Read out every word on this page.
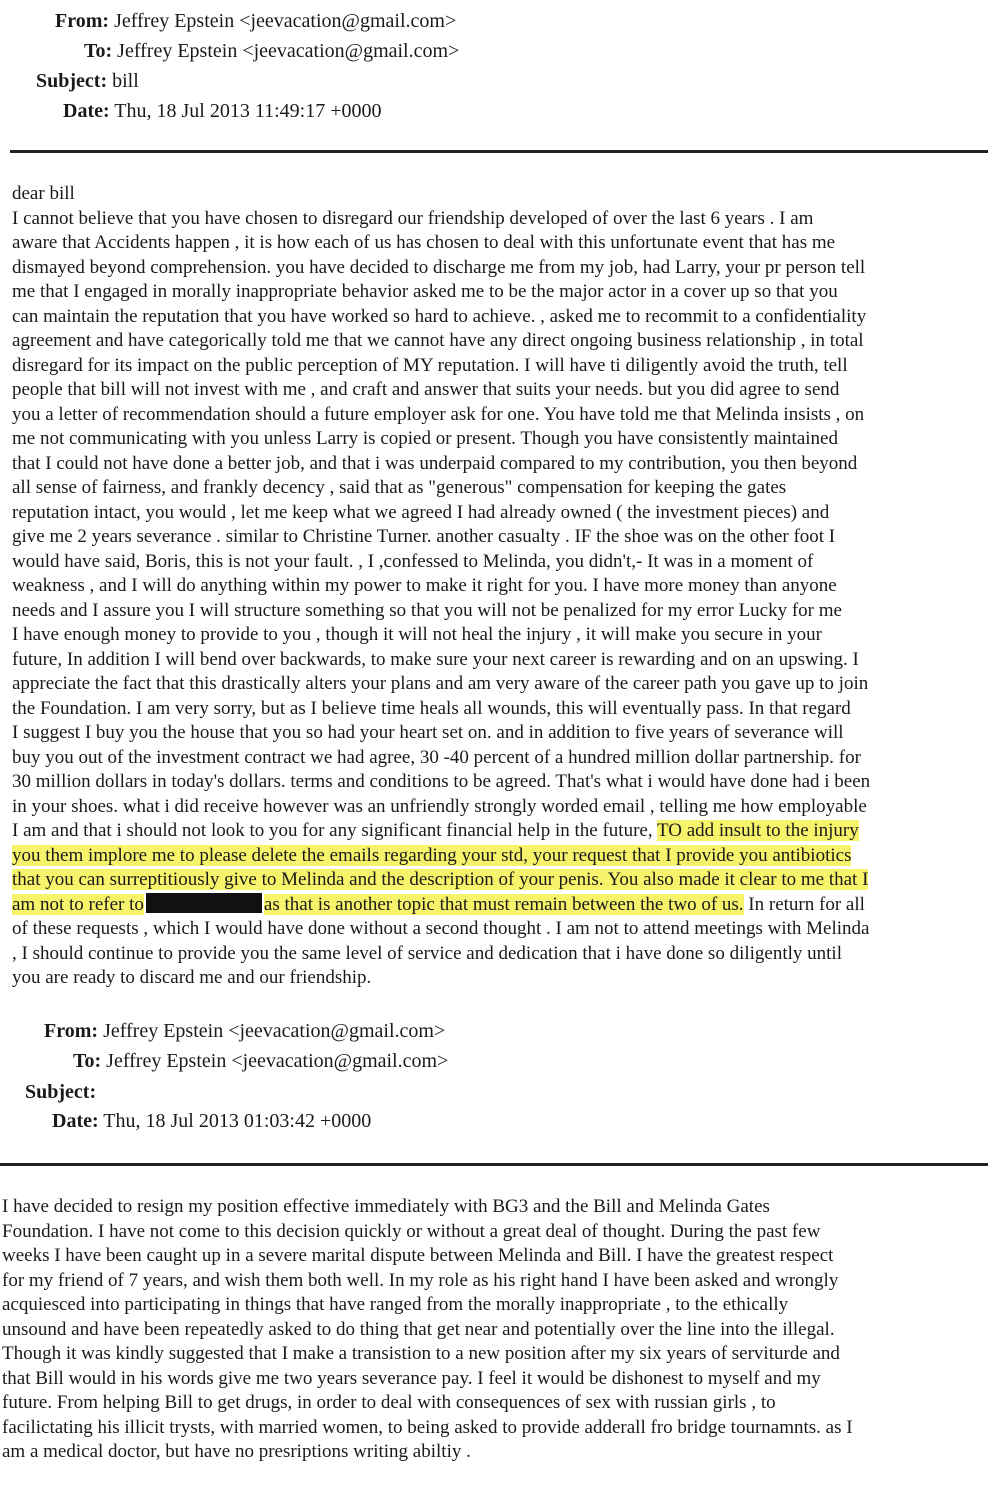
From: Jeffrey Epstein <jeevacation@gmail.com>
To: Jeffrey Epstein <jeevacation@gmail.com>
Subject: bill
Date: Thu, 18 Jul 2013 11:49:17 +0000
dear bill
I cannot believe that you have chosen to disregard our friendship developed of over the last 6 years . I am
aware that Accidents happen , it is how each of us has chosen to deal with this unfortunate event that has me
dismayed beyond comprehension. you have decided to discharge me from my job, had Larry, your pr person tell
me that I engaged in morally inappropriate behavior asked me to be the major actor in a cover up so that you
can maintain the reputation that you have worked so hard to achieve. , asked me to recommit to a confidentiality
agreement and have categorically told me that we cannot have any direct ongoing business relationship , in total
disregard for its impact on the public perception of MY reputation. I will have ti diligently avoid the truth, tell
people that bill will not invest with me , and craft and answer that suits your needs. but you did agree to send
you a letter of recommendation should a future employer ask for one. You have told me that Melinda insists , on
me not communicating with you unless Larry is copied or present. Though you have consistently maintained
that I could not have done a better job, and that i was underpaid compared to my contribution, you then beyond
all sense of fairness, and frankly decency , said that as "generous" compensation for keeping the gates
reputation intact, you would , let me keep what we agreed I had already owned ( the investment pieces) and
give me 2 years severance . similar to Christine Turner. another casualty . IF the shoe was on the other foot I
would have said, Boris, this is not your fault. , I ,confessed to Melinda, you didn't,- It was in a moment of
weakness , and I will do anything within my power to make it right for you. I have more money than anyone
needs and I assure you I will structure something so that you will not be penalized for my error Lucky for me
I have enough money to provide to you , though it will not heal the injury , it will make you secure in your
future, In addition I will bend over backwards, to make sure your next career is rewarding and on an upswing. I
appreciate the fact that this drastically alters your plans and am very aware of the career path you gave up to join
the Foundation. I am very sorry, but as I believe time heals all wounds, this will eventually pass. In that regard
I suggest I buy you the house that you so had your heart set on. and in addition to five years of severance will
buy you out of the investment contract we had agree, 30 -40 percent of a hundred million dollar partnership. for
30 million dollars in today's dollars. terms and conditions to be agreed. That's what i would have done had i been
in your shoes. what i did receive however was an unfriendly strongly worded email , telling me how employable
I am and that i should not look to you for any significant financial help in the future, TO add insult to the injury
you them implore me to please delete the emails regarding your std, your request that I provide you antibiotics
that you can surreptitiously give to Melinda and the description of your penis. You also made it clear to me that I
am not to refer to	as that is another topic that must remain between the two of us. In return for all
of these requests , which I would have done without a second thought . I am not to attend meetings with Melinda
, I should continue to provide you the same level of service and dedication that i have done so diligently until
you are ready to discard me and our friendship.
From: Jeffrey Epstein <jeevacation@gmail.com>
To: Jeffrey Epstein <jeevacation@gmail.com>
Subject:
Date: Thu, 18 Jul 2013 01:03:42 +0000
I have decided to resign my position effective immediately with BG3 and the Bill and Melinda Gates
Foundation. I have not come to this decision quickly or without a great deal of thought. During the past few
weeks I have been caught up in a severe marital dispute between Melinda and Bill. I have the greatest respect
for my friend of 7 years, and wish them both well. In my role as his right hand I have been asked and wrongly
acquiesced into participating in things that have ranged from the morally inappropriate , to the ethically
unsound and have been repeatedly asked to do thing that get near and potentially over the line into the illegal.
Though it was kindly suggested that I make a transistion to a new position after my six years of serviturde and
that Bill would in his words give me two years severance pay. I feel it would be dishonest to myself and my
future. From helping Bill to get drugs, in order to deal with consequences of sex with russian girls , to
facilictating his illicit trysts, with married women, to being asked to provide adderall fro bridge tournamnts. as I
am a medical doctor, but have no presriptions writing abiltiy .
